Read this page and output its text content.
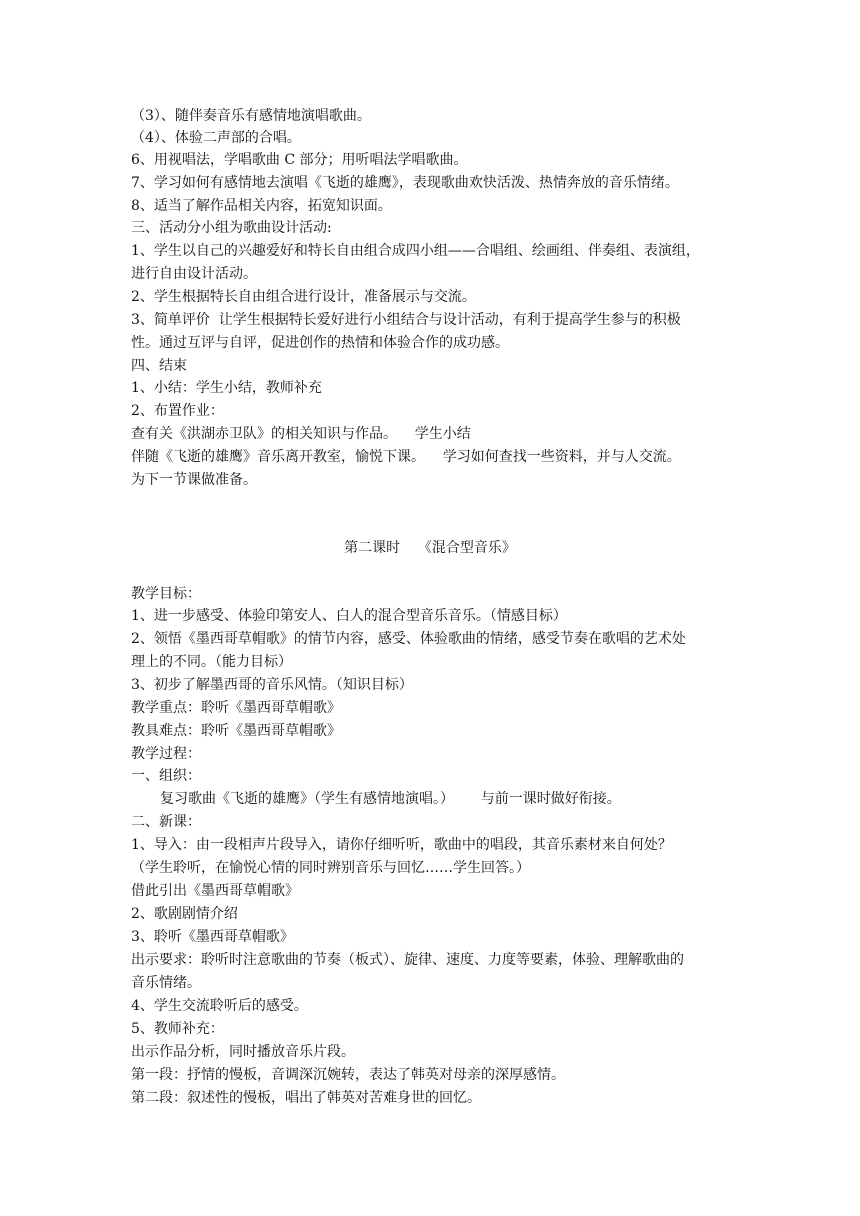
（3）、随伴奏音乐有感情地演唱歌曲。
（4）、体验二声部的合唱。
6、用视唱法，学唱歌曲 C 部分；用听唱法学唱歌曲。
7、学习如何有感情地去演唱《飞逝的雄鹰》，表现歌曲欢快活泼、热情奔放的音乐情绪。
8、适当了解作品相关内容，拓宽知识面。
三、活动分小组为歌曲设计活动:
1、学生以自己的兴趣爱好和特长自由组合成四小组——合唱组、绘画组、伴奏组、表演组，
进行自由设计活动。
2、学生根据特长自由组合进行设计，准备展示与交流。
3、简单评价  让学生根据特长爱好进行小组结合与设计活动，有利于提高学生参与的积极
性。通过互评与自评，促进创作的热情和体验合作的成功感。
四、结束
1、小结：学生小结，教师补充
2、布置作业：
查有关《洪湖赤卫队》的相关知识与作品。    学生小结
伴随《飞逝的雄鹰》音乐离开教室，愉悦下课。    学习如何查找一些资料，并与人交流。
为下一节课做准备。
第二课时    《混合型音乐》
教学目标：
1、进一步感受、体验印第安人、白人的混合型音乐音乐。（情感目标）
2、领悟《墨西哥草帽歌》的情节内容，感受、体验歌曲的情绪，感受节奏在歌唱的艺术处
理上的不同。（能力目标）
3、初步了解墨西哥的音乐风情。（知识目标）
教学重点：聆听《墨西哥草帽歌》
教具难点：聆听《墨西哥草帽歌》
教学过程：
一、组织：
复习歌曲《飞逝的雄鹰》（学生有感情地演唱。）      与前一课时做好衔接。
二、新课：
1、导入：由一段相声片段导入，请你仔细听听，歌曲中的唱段，其音乐素材来自何处？
（学生聆听，在愉悦心情的同时辨别音乐与回忆……学生回答。）
借此引出《墨西哥草帽歌》
2、歌剧剧情介绍
3、聆听《墨西哥草帽歌》
出示要求：聆听时注意歌曲的节奏（板式）、旋律、速度、力度等要素，体验、理解歌曲的
音乐情绪。
4、学生交流聆听后的感受。
5、教师补充：
出示作品分析，同时播放音乐片段。
第一段：抒情的慢板，音调深沉婉转，表达了韩英对母亲的深厚感情。
第二段：叙述性的慢板，唱出了韩英对苦难身世的回忆。
